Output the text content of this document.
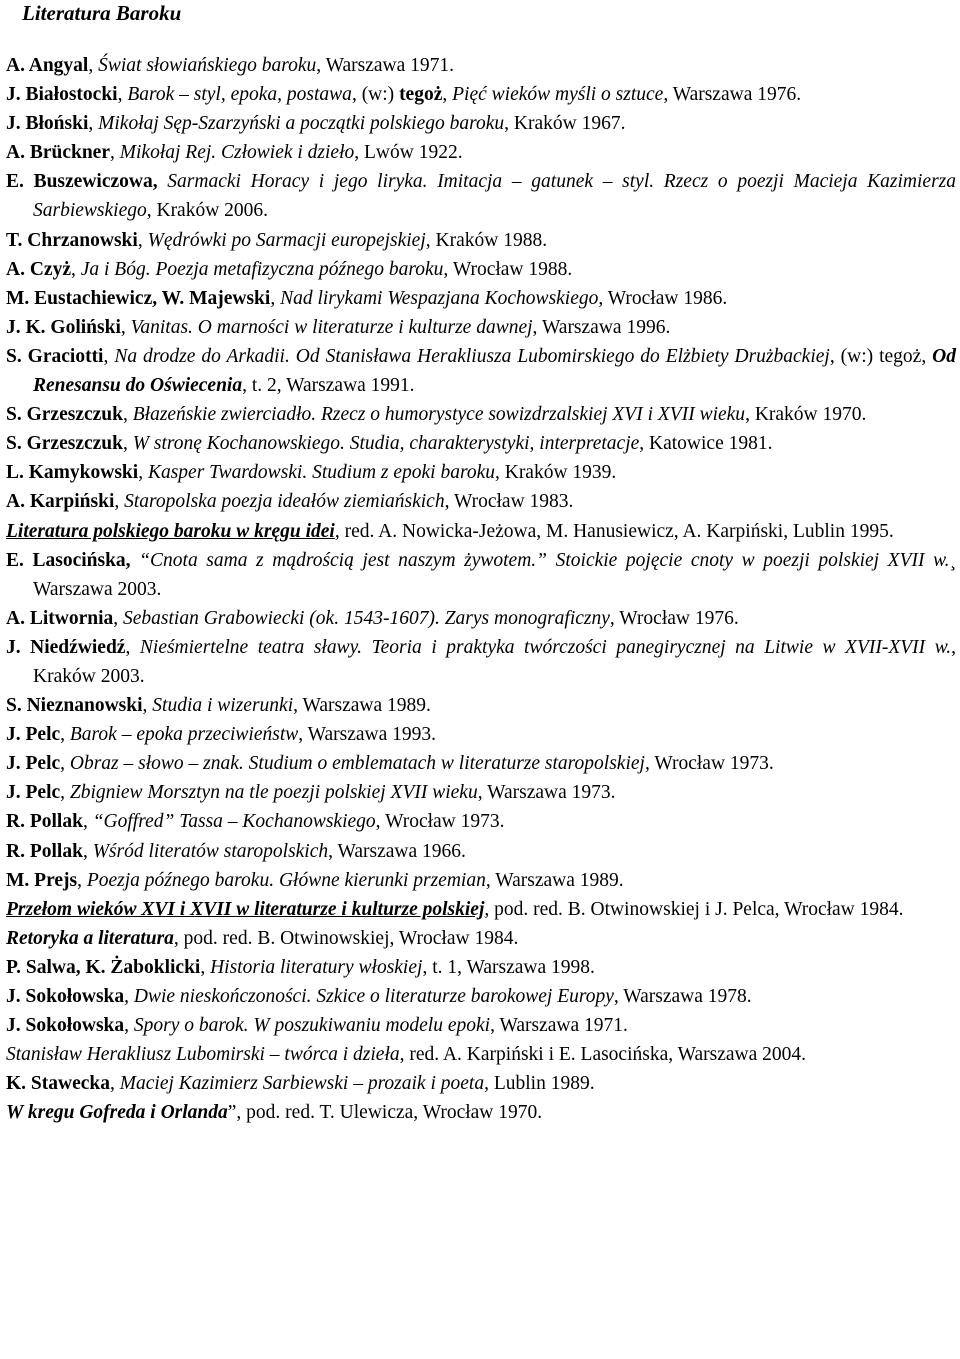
Literatura Baroku

A. Angyal, Świat słowiańskiego baroku, Warszawa 1971.

J. Białostocki, Barok – styl, epoka, postawa, (w:) tegoż, Pięć wieków myśli o sztuce, Warszawa 1976.

J. Błoński, Mikołaj Sęp-Szarzyński a początki polskiego baroku, Kraków 1967.

A. Brückner, Mikołaj Rej. Człowiek i dzieło, Lwów 1922.

E. Buszewiczowa, Sarmacki Horacy i jego liryka. Imitacja – gatunek – styl. Rzecz o poezji Macieja Kazimierza Sarbiewskiego, Kraków 2006.

T. Chrzanowski, Wędrówki po Sarmacji europejskiej, Kraków 1988.

A. Czyż, Ja i Bóg. Poezja metafizyczna późnego baroku, Wrocław 1988.

M. Eustachiewicz, W. Majewski, Nad lirykami Wespazjana Kochowskiego, Wrocław 1986.

J. K. Goliński, Vanitas. O marności w literaturze i kulturze dawnej, Warszawa 1996.

S. Graciotti, Na drodze do Arkadii. Od Stanisława Herakliusza Lubomirskiego do Elżbiety Drużbackiej, (w:) tegoż, Od Renesansu do Oświecenia, t. 2, Warszawa 1991.

S. Grzeszczuk, Błazeńskie zwierciadło. Rzecz o humorystyce sowizdrzalskiej XVI i XVII wieku, Kraków 1970.

S. Grzeszczuk, W stronę Kochanowskiego. Studia, charakterystyki, interpretacje, Katowice 1981.

L. Kamykowski, Kasper Twardowski. Studium z epoki baroku, Kraków 1939.

A. Karpiński, Staropolska poezja ideałów ziemiańskich, Wrocław 1983.

Literatura polskiego baroku w kręgu idei, red. A. Nowicka-Jeżowa, M. Hanusiewicz, A. Karpiński, Lublin 1995.

E. Lasocińska, “Cnota sama z mądrością jest naszym żywotem.” Stoickie pojęcie cnoty w poezji polskiej XVII w.¸ Warszawa 2003.

A. Litwornia, Sebastian Grabowiecki (ok. 1543-1607). Zarys monograficzny, Wrocław 1976.

J. Niedźwiedź, Nieśmiertelne teatra sławy. Teoria i praktyka twórczości panegirycznej na Litwie w XVII-XVII w., Kraków 2003.

S. Nieznanowski, Studia i wizerunki, Warszawa 1989.

J. Pelc, Barok – epoka przeciwieństw, Warszawa 1993.

J. Pelc, Obraz – słowo – znak. Studium o emblematach w literaturze staropolskiej, Wrocław 1973.

J. Pelc, Zbigniew Morsztyn na tle poezji polskiej XVII wieku, Warszawa 1973.

R. Pollak, “Goffred” Tassa – Kochanowskiego, Wrocław 1973.

R. Pollak, Wśród literatów staropolskich, Warszawa 1966.

M. Prejs, Poezja późnego baroku. Główne kierunki przemian, Warszawa 1989.

Przełom wieków XVI i XVII w literaturze i kulturze polskiej, pod. red. B. Otwinowskiej i J. Pelca, Wrocław 1984.

Retoryka a literatura, pod. red. B. Otwinowskiej, Wrocław 1984.

P. Salwa, K. Żaboklicki, Historia literatury włoskiej, t. 1, Warszawa 1998.

J. Sokołowska, Dwie nieskończoności. Szkice o literaturze barokowej Europy, Warszawa 1978.

J. Sokołowska, Spory o barok. W poszukiwaniu modelu epoki, Warszawa 1971.

Stanisław Herakliusz Lubomirski – twórca i dzieła, red. A. Karpiński i E. Lasocińska, Warszawa 2004.

K. Stawecka, Maciej Kazimierz Sarbiewski – prozaik i poeta, Lublin 1989.

W kregu Gofreda i Orlanda”, pod. red. T. Ulewicza, Wrocław 1970.
